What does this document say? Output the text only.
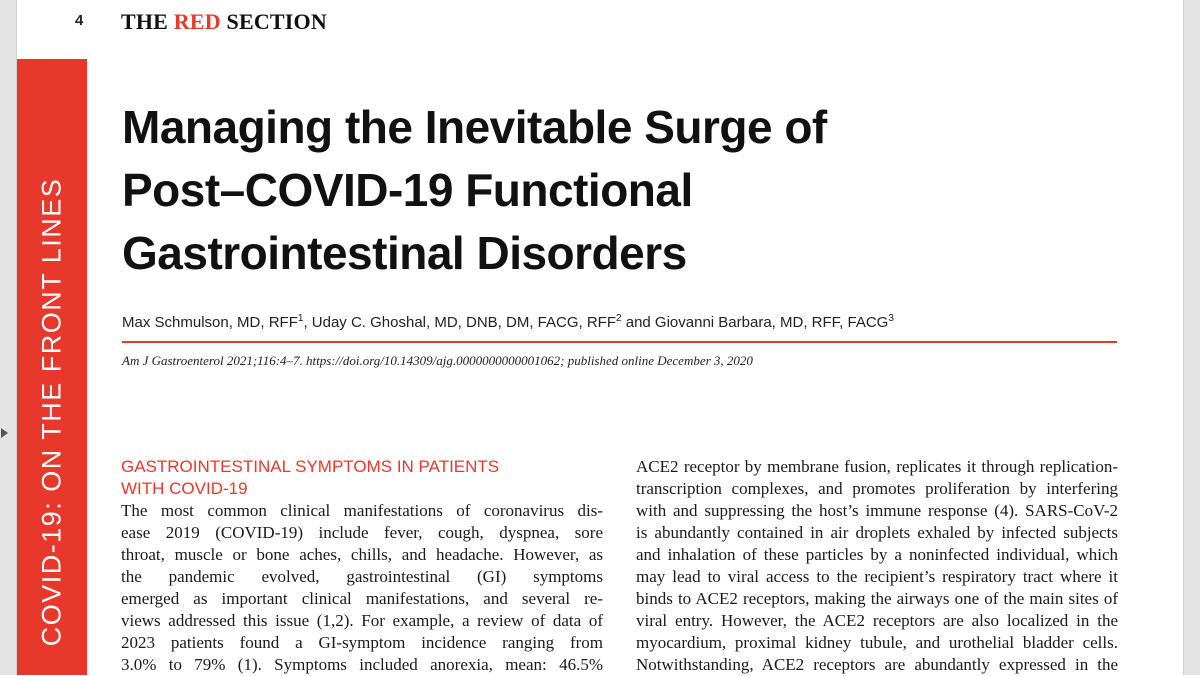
4 THE RED SECTION
COVID-19: ON THE FRONT LINES
Managing the Inevitable Surge of
Post–COVID-19 Functional
Gastrointestinal Disorders
Max Schmulson, MD, RFF$^1$, Uday C. Ghoshal, MD, DNB, DM, FACG, RFF$^2$ and Giovanni Barbara, MD, RFF, FACG$^3$
Am J Gastroenterol 2021;116:4–7. https://doi.org/10.14309/ajg.0000000000001062; published online December 3, 2020
GASTROINTESTINAL SYMPTOMS IN PATIENTS
WITH COVID-19
The most common clinical manifestations of coronavirus dis-
ease 2019 (COVID-19) include fever, cough, dyspnea, sore
throat, muscle or bone aches, chills, and headache. However, as
the pandemic evolved, gastrointestinal (GI) symptoms
emerged as important clinical manifestations, and several re-
views addressed this issue (1,2). For example, a review of data of
2023 patients found a GI-symptom incidence ranging from
3.0% to 79% (1). Symptoms included anorexia, mean: 46.5%
ACE2 receptor by membrane fusion, replicates it through replication-
transcription complexes, and promotes proliferation by interfering
with and suppressing the host’s immune response (4). SARS-CoV-2
is abundantly contained in air droplets exhaled by infected subjects
and inhalation of these particles by a noninfected individual, which
may lead to viral access to the recipient’s respiratory tract where it
binds to ACE2 receptors, making the airways one of the main sites of
viral entry. However, the ACE2 receptors are also localized in the
myocardium, proximal kidney tubule, and urothelial bladder cells.
Notwithstanding, ACE2 receptors are abundantly expressed in the
